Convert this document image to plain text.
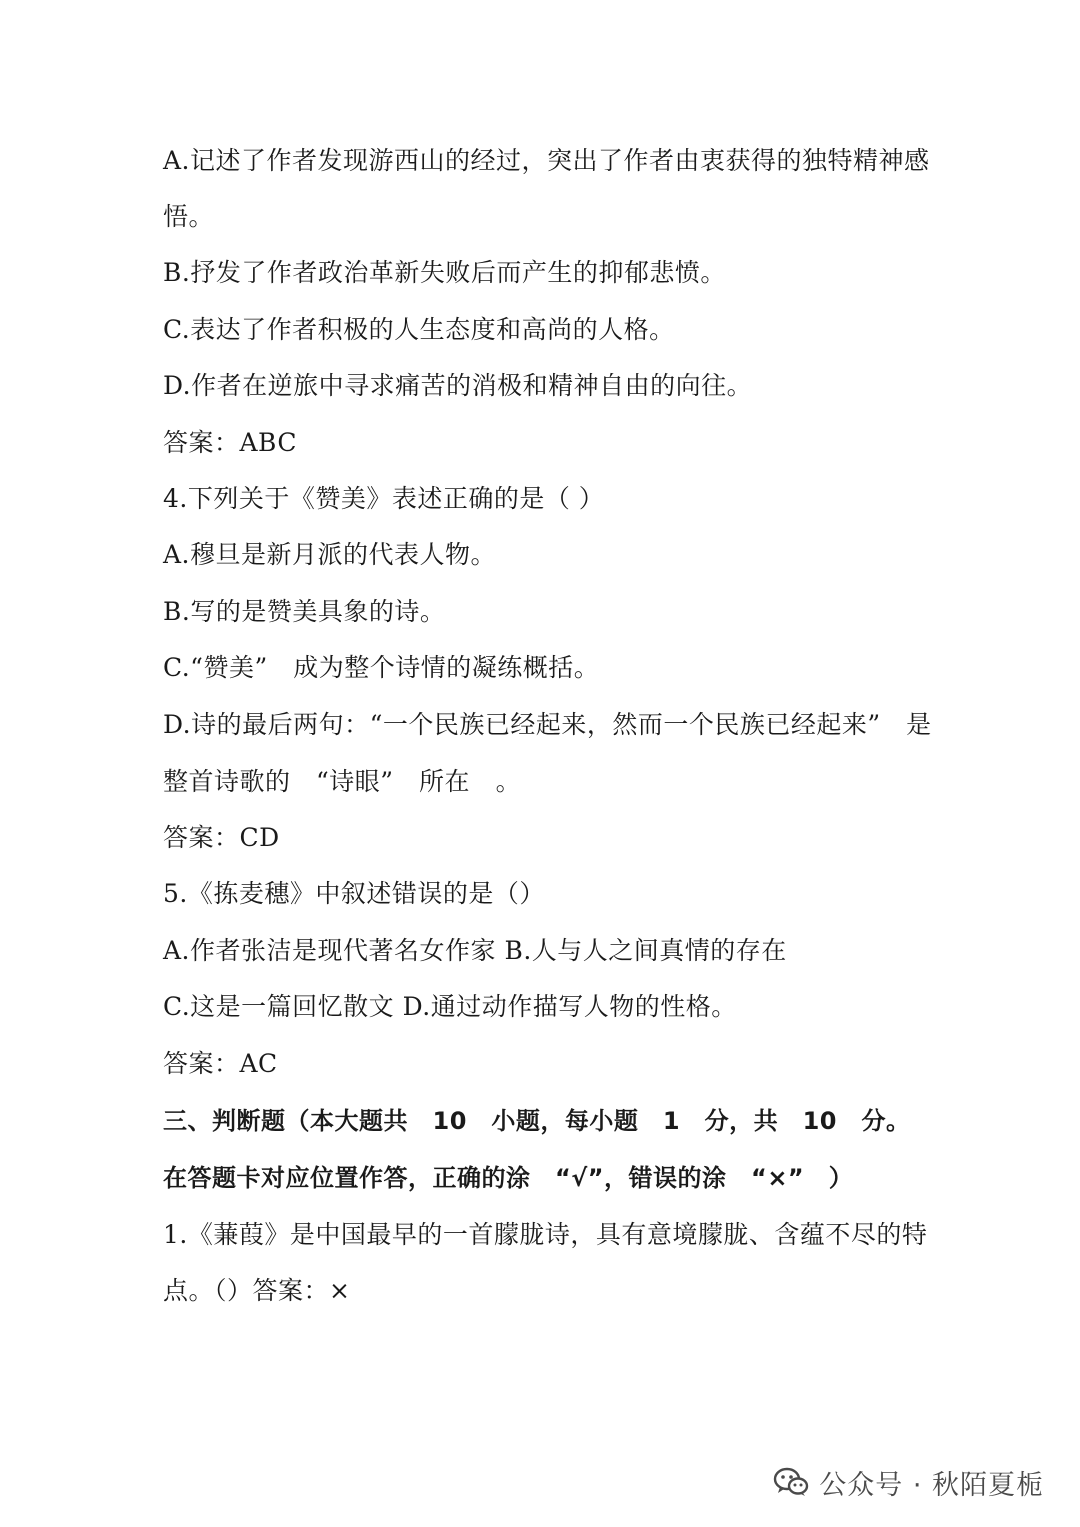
A.记述了作者发现游西山的经过，突出了作者由衷获得的独特精神感
悟。
B.抒发了作者政治革新失败后而产生的抑郁悲愤。
C.表达了作者积极的人生态度和高尚的人格。
D.作者在逆旅中寻求痛苦的消极和精神自由的向往。
答案：ABC
4.下列关于《赞美》表述正确的是（ ）
A.穆旦是新月派的代表人物。
B.写的是赞美具象的诗。
C.“赞美”　成为整个诗情的凝练概括。
D.诗的最后两句：“一个民族已经起来，然而一个民族已经起来”　是
整首诗歌的　“诗眼”　所在　。
答案：CD
5.《拣麦穗》中叙述错误的是（）
A.作者张洁是现代著名女作家 B.人与人之间真情的存在
C.这是一篇回忆散文 D.通过动作描写人物的性格。
答案：AC
三、判断题（本大题共　10　小题，每小题　1　分，共　10　分。
在答题卡对应位置作答，正确的涂　“√”，错误的涂　“×”　）
1.《蒹葭》是中国最早的一首朦胧诗，具有意境朦胧、含蕴不尽的特
点。（）答案：×
公众号 · 秋陌夏栀
